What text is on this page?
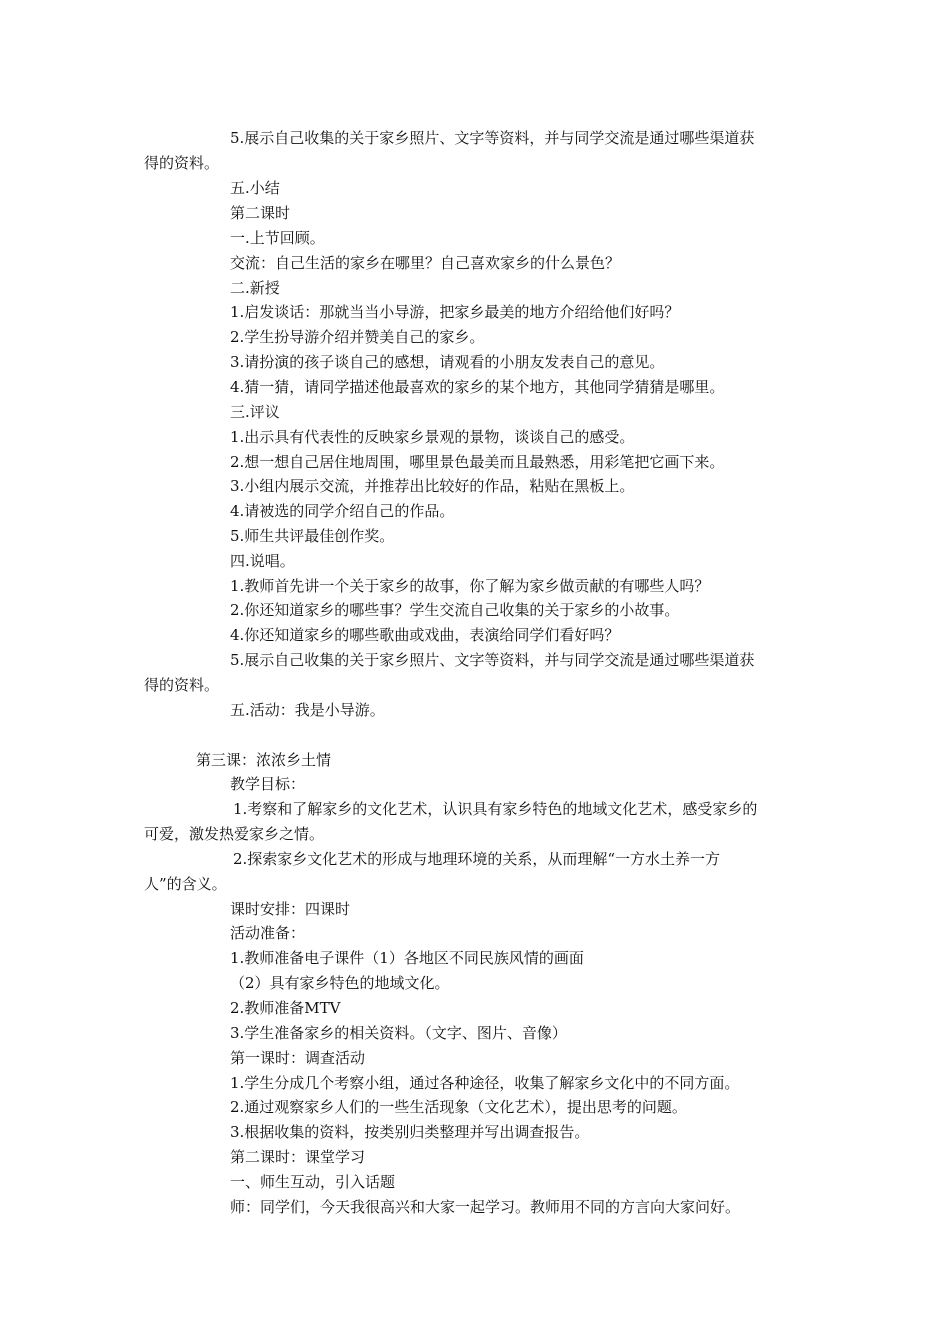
5.展示自己收集的关于家乡照片、文字等资料，并与同学交流是通过哪些渠道获
得的资料。
五.小结
第二课时
一.上节回顾。
交流：自己生活的家乡在哪里？自己喜欢家乡的什么景色？
二.新授
1.启发谈话：那就当当小导游，把家乡最美的地方介绍给他们好吗？
2.学生扮导游介绍并赞美自己的家乡。
3.请扮演的孩子谈自己的感想，请观看的小朋友发表自己的意见。
4.猜一猜，请同学描述他最喜欢的家乡的某个地方，其他同学猜猜是哪里。
三.评议
1.出示具有代表性的反映家乡景观的景物，谈谈自己的感受。
2.想一想自己居住地周围，哪里景色最美而且最熟悉，用彩笔把它画下来。
3.小组内展示交流，并推荐出比较好的作品，粘贴在黑板上。
4.请被选的同学介绍自己的作品。
5.师生共评最佳创作奖。
四.说唱。
1.教师首先讲一个关于家乡的故事，你了解为家乡做贡献的有哪些人吗？
2.你还知道家乡的哪些事？学生交流自己收集的关于家乡的小故事。
4.你还知道家乡的哪些歌曲或戏曲，表演给同学们看好吗？
5.展示自己收集的关于家乡照片、文字等资料，并与同学交流是通过哪些渠道获
得的资料。
五.活动：我是小导游。
第三课：浓浓乡土情
教学目标：
1.考察和了解家乡的文化艺术，认识具有家乡特色的地域文化艺术，感受家乡的
可爱，激发热爱家乡之情。
2.探索家乡文化艺术的形成与地理环境的关系，从而理解“一方水土养一方
人”的含义。
课时安排：四课时
活动准备：
1.教师准备电子课件（1）各地区不同民族风情的画面
（2）具有家乡特色的地域文化。
2.教师准备MTV
3.学生准备家乡的相关资料。（文字、图片、音像）
第一课时：调查活动
1.学生分成几个考察小组，通过各种途径，收集了解家乡文化中的不同方面。
2.通过观察家乡人们的一些生活现象（文化艺术），提出思考的问题。
3.根据收集的资料，按类别归类整理并写出调查报告。
第二课时：课堂学习
一、师生互动，引入话题
师：同学们，今天我很高兴和大家一起学习。教师用不同的方言向大家问好。
